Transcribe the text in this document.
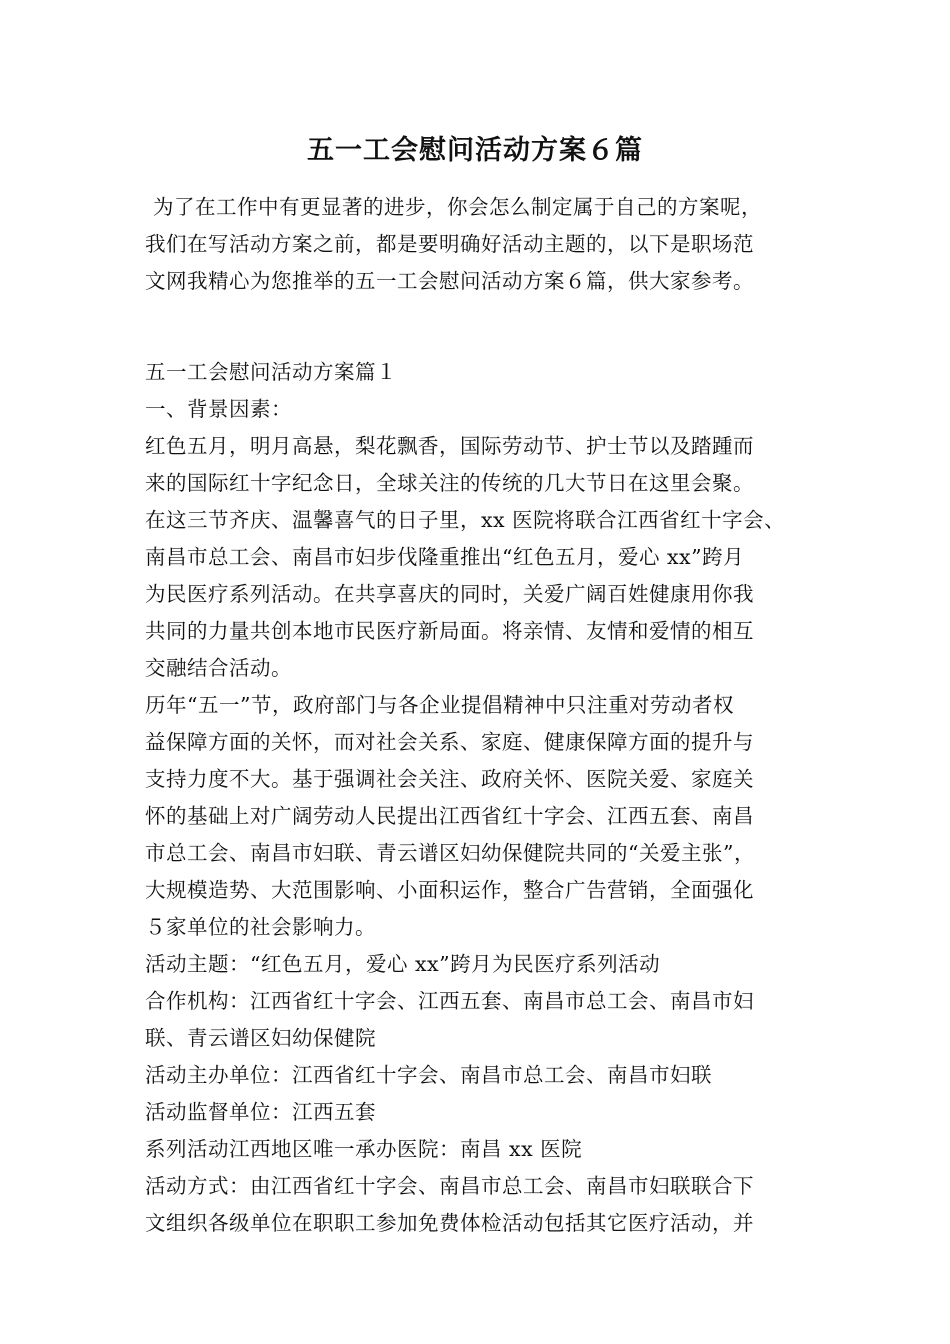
五一工会慰问活动方案６篇
为了在工作中有更显著的进步，你会怎么制定属于自己的方案呢，
我们在写活动方案之前，都是要明确好活动主题的，以下是职场范
文网我精心为您推举的五一工会慰问活动方案６篇，供大家参考。
五一工会慰问活动方案篇１
一、背景因素：
红色五月，明月高悬，梨花飘香，国际劳动节、护士节以及踏踵而
来的国际红十字纪念日，全球关注的传统的几大节日在这里会聚。
在这三节齐庆、温馨喜气的日子里，xx 医院将联合江西省红十字会、
南昌市总工会、南昌市妇步伐隆重推出“红色五月，爱心 xx”跨月
为民医疗系列活动。在共享喜庆的同时，关爱广阔百姓健康用你我
共同的力量共创本地市民医疗新局面。将亲情、友情和爱情的相互
交融结合活动。
历年“五一”节，政府部门与各企业提倡精神中只注重对劳动者权
益保障方面的关怀，而对社会关系、家庭、健康保障方面的提升与
支持力度不大。基于强调社会关注、政府关怀、医院关爱、家庭关
怀的基础上对广阔劳动人民提出江西省红十字会、江西五套、南昌
市总工会、南昌市妇联、青云谱区妇幼保健院共同的“关爱主张”，
大规模造势、大范围影响、小面积运作，整合广告营销，全面强化
５家单位的社会影响力。
活动主题：“红色五月，爱心 xx”跨月为民医疗系列活动
合作机构：江西省红十字会、江西五套、南昌市总工会、南昌市妇
联、青云谱区妇幼保健院
活动主办单位：江西省红十字会、南昌市总工会、南昌市妇联
活动监督单位：江西五套
系列活动江西地区唯一承办医院：南昌 xx 医院
活动方式：由江西省红十字会、南昌市总工会、南昌市妇联联合下
文组织各级单位在职职工参加免费体检活动包括其它医疗活动，并
